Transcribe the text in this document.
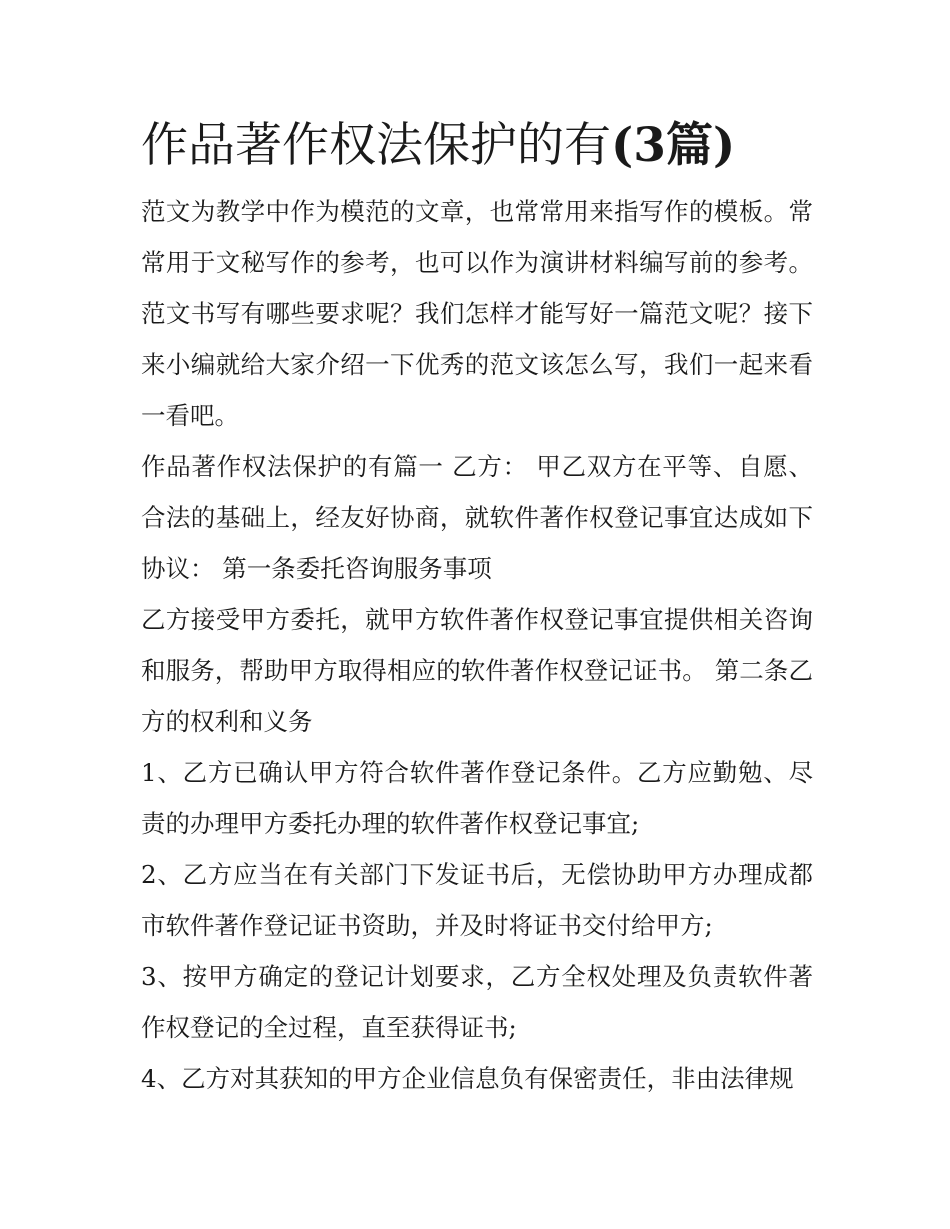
作品著作权法保护的有(3篇)

范文为教学中作为模范的文章，也常常用来指写作的模板。常常用于文秘写作的参考，也可以作为演讲材料编写前的参考。范文书写有哪些要求呢？我们怎样才能写好一篇范文呢？接下来小编就给大家介绍一下优秀的范文该怎么写，我们一起来看一看吧。

作品著作权法保护的有篇一 乙方： 甲乙双方在平等、自愿、合法的基础上，经友好协商，就软件著作权登记事宜达成如下协议： 第一条委托咨询服务事项

乙方接受甲方委托，就甲方软件著作权登记事宜提供相关咨询和服务，帮助甲方取得相应的软件著作权登记证书。 第二条乙方的权利和义务

1、乙方已确认甲方符合软件著作登记条件。乙方应勤勉、尽责的办理甲方委托办理的软件著作权登记事宜;

2、乙方应当在有关部门下发证书后，无偿协助甲方办理成都市软件著作登记证书资助，并及时将证书交付给甲方;

3、按甲方确定的登记计划要求，乙方全权处理及负责软件著作权登记的全过程，直至获得证书;

4、乙方对其获知的甲方企业信息负有保密责任，非由法律规
